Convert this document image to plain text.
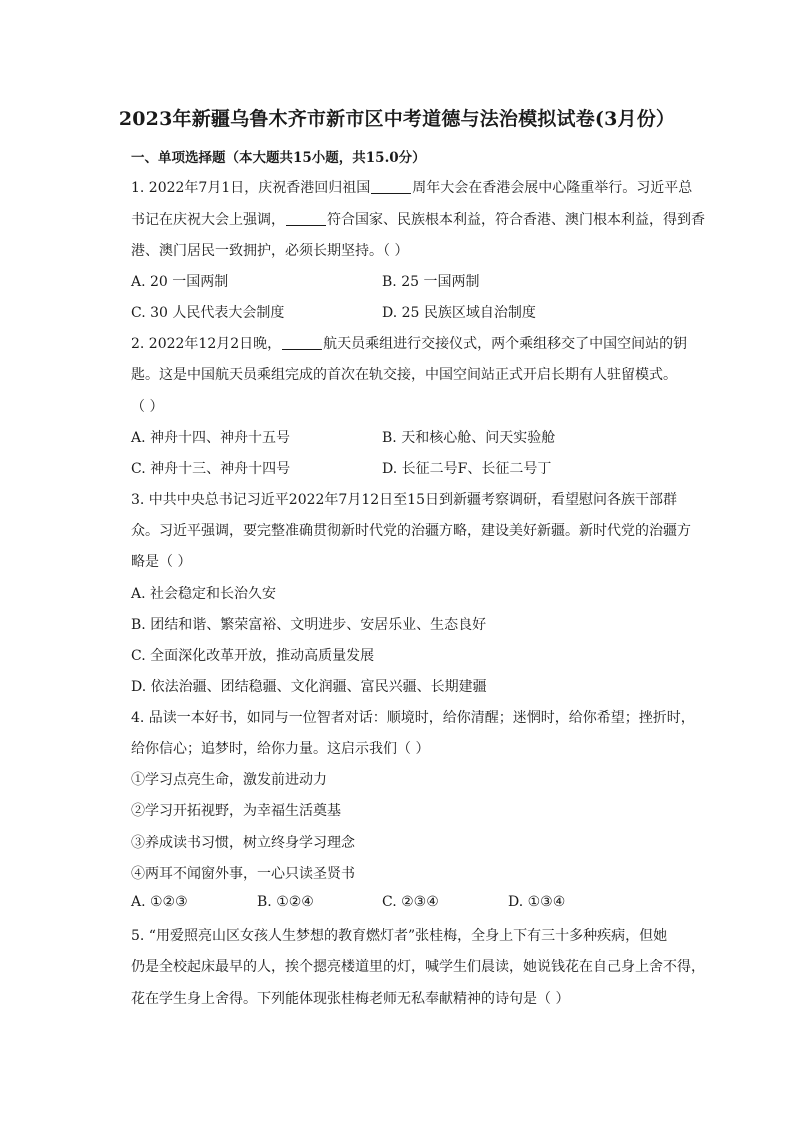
2023年新疆乌鲁木齐市新市区中考道德与法治模拟试卷(3月份）
一、单项选择题（本大题共15小题，共15.0分）
1. 2022年7月1日，庆祝香港回归祖国	周年大会在香港会展中心隆重举行。习近平总
书记在庆祝大会上强调，	符合国家、民族根本利益，符合香港、澳门根本利益，得到香
港、澳门居民一致拥护，必须长期坚持。（ ）
A. 20 一国两制	B. 25 一国两制
C. 30 人民代表大会制度	D. 25 民族区域自治制度
2. 2022年12月2日晚，	航天员乘组进行交接仪式，两个乘组移交了中国空间站的钥
匙。这是中国航天员乘组完成的首次在轨交接，中国空间站正式开启长期有人驻留模式。
（ ）
A. 神舟十四、神舟十五号	B. 天和核心舱、问天实验舱
C. 神舟十三、神舟十四号	D. 长征二号F、长征二号丁
3. 中共中央总书记习近平2022年7月12日至15日到新疆考察调研，看望慰问各族干部群
众。习近平强调，要完整准确贯彻新时代党的治疆方略，建设美好新疆。新时代党的治疆方
略是（ ）
A. 社会稳定和长治久安
B. 团结和谐、繁荣富裕、文明进步、安居乐业、生态良好
C. 全面深化改革开放，推动高质量发展
D. 依法治疆、团结稳疆、文化润疆、富民兴疆、长期建疆
4. 品读一本好书，如同与一位智者对话：顺境时，给你清醒；迷惘时，给你希望；挫折时，
给你信心；追梦时，给你力量。这启示我们（ ）
①学习点亮生命，激发前进动力
②学习开拓视野，为幸福生活奠基
③养成读书习惯，树立终身学习理念
④两耳不闻窗外事，一心只读圣贤书
A. ①②③	B. ①②④	C. ②③④	D. ①③④
5. “用爱照亮山区女孩人生梦想的教育燃灯者”张桂梅，全身上下有三十多种疾病，但她
仍是全校起床最早的人，挨个摁亮楼道里的灯，喊学生们晨读，她说钱花在自己身上舍不得，
花在学生身上舍得。下列能体现张桂梅老师无私奉献精神的诗句是（ ）
